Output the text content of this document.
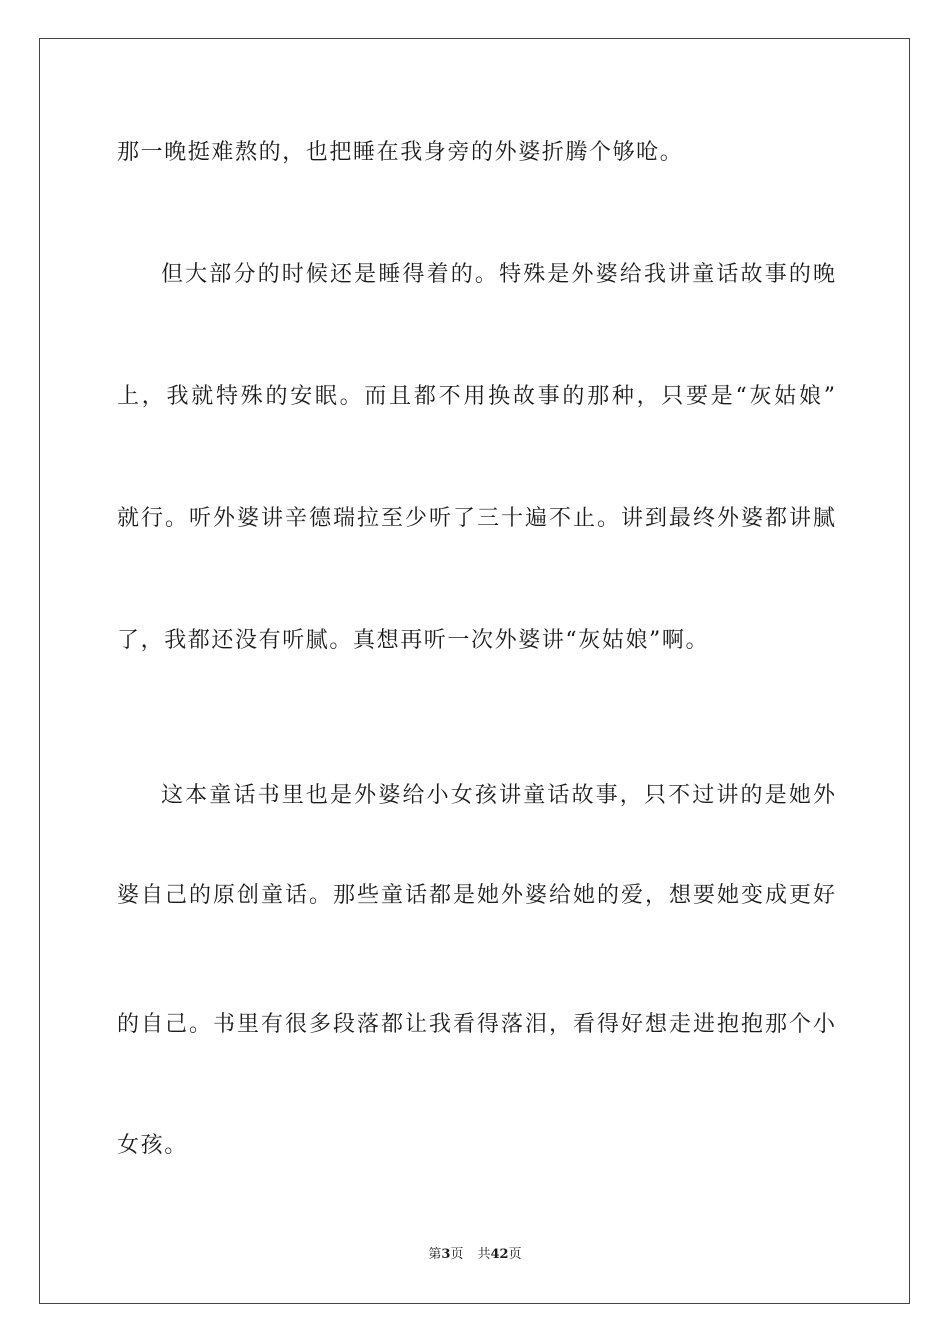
那一晚挺难熬的，也把睡在我身旁的外婆折腾个够呛。
但大部分的时候还是睡得着的。特殊是外婆给我讲童话故事的晚
上，我就特殊的安眠。而且都不用换故事的那种，只要是“灰姑娘”
就行。听外婆讲辛德瑞拉至少听了三十遍不止。讲到最终外婆都讲腻
了，我都还没有听腻。真想再听一次外婆讲“灰姑娘”啊。
这本童话书里也是外婆给小女孩讲童话故事，只不过讲的是她外
婆自己的原创童话。那些童话都是她外婆给她的爱，想要她变成更好
的自己。书里有很多段落都让我看得落泪，看得好想走进抱抱那个小
女孩。
第3页 共42页
